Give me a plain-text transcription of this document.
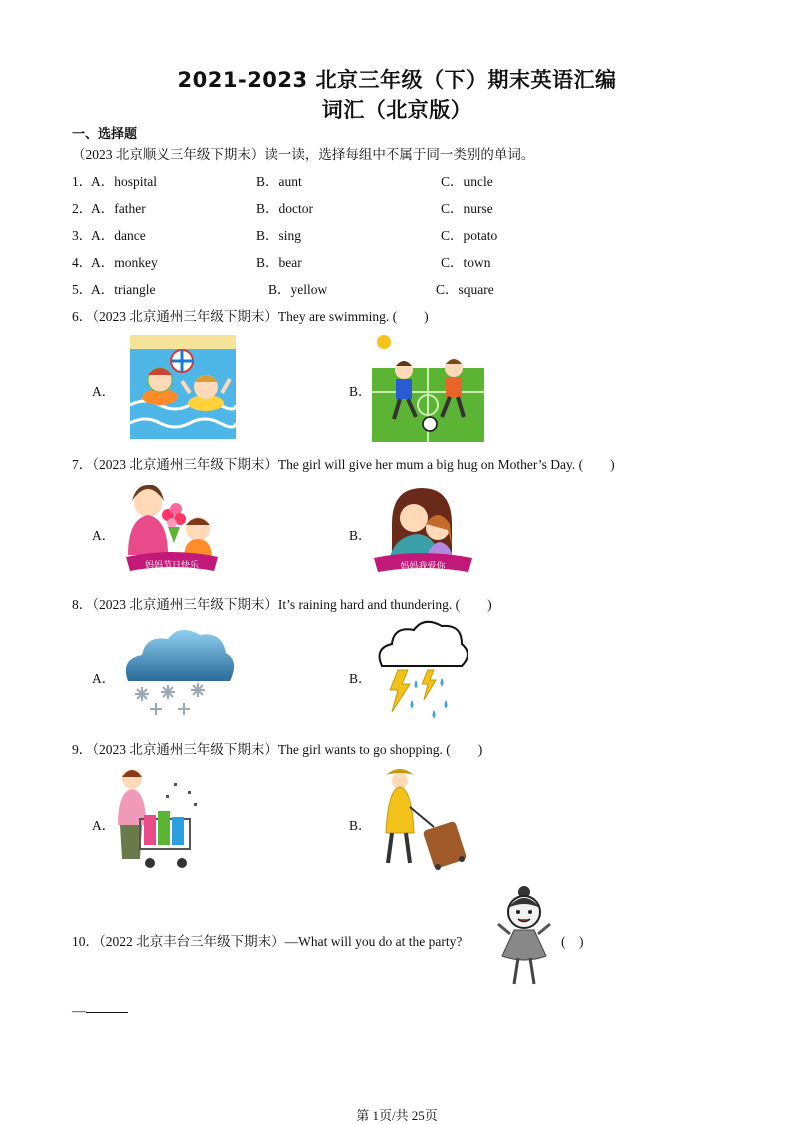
2021-2023 北京三年级（下）期末英语汇编
词汇（北京版）
一、选择题
（2023 北京顺义三年级下期末）读一读，选择每组中不属于同一类别的单词。
1．
A．hospital	B．aunt	C．uncle
2．
A．father	B．doctor	C．nurse
3．
A．dance	B．sing	C．potato
4．
A．monkey	B．bear	C．town
5．
A．triangle	B．yellow	C．square
6．（2023 北京通州三年级下期末）They are swimming. (　　)
A．	B．
7．（2023 北京通州三年级下期末）The girl will give her mum a big hug on Mother’s Day. (　　)
A．
妈妈节日快乐
B．
妈妈我爱你
8．（2023 北京通州三年级下期末）It’s raining hard and thundering. (　　)
A．	B．
9．（2023 北京通州三年级下期末）The girl wants to go shopping. (　　)
A．	B．
10．（2022 北京丰台三年级下期末）—What will you do at the party?	(　)
—
第 1页/共 25页
